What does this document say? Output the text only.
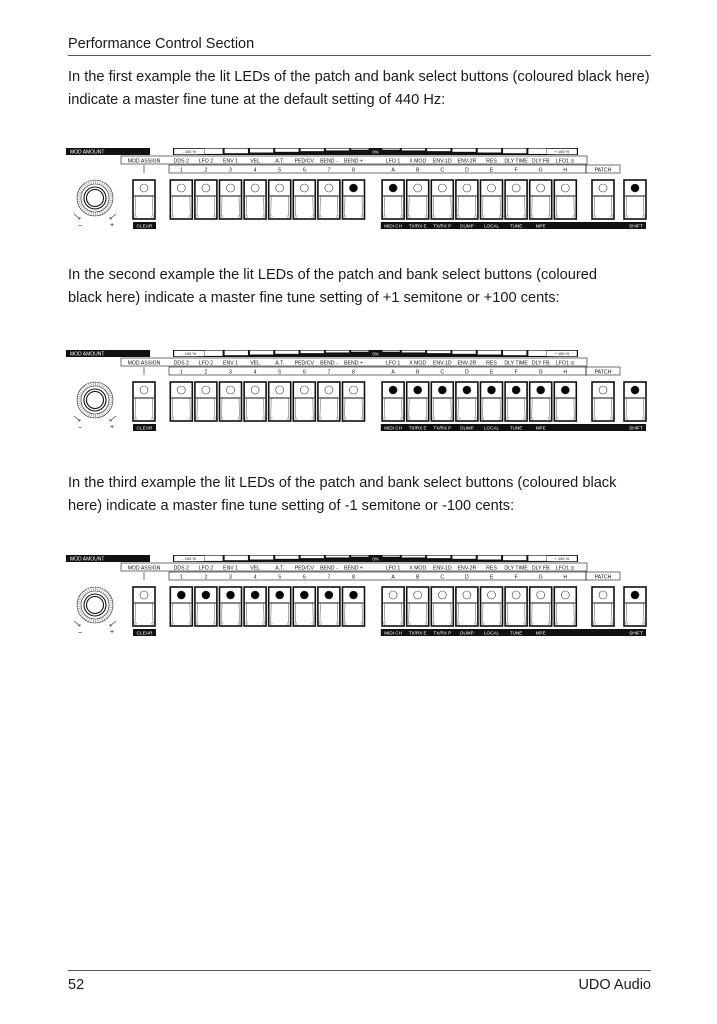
Performance Control Section

In the first example the lit LEDs of the patch and bank select buttons (coloured black here) indicate a master fine tune at the default setting of 440 Hz:

MOD AMOUNT	- 100 %	+ 100 %
0%
MOD ASSIGN	DDS 2 LFO 2 ENV 1 VEL	A.T. PED/CV BEND - BEND +	LFO 1 X MOD ENV-1D ENV-2R RES DLY TIME DLY FB LFO1 ⊙
1	2	3	4	5	6	7	8	A	B	C	D	E	F	G	H	PATCH
−	+	CLEAR	MIDI CH TX/RX E TX/RX P DUMP LOCAL TUNE	MPE	SHIFT

In the second example the lit LEDs of the patch and bank select buttons (coloured black here) indicate a master fine tune setting of +1 semitone or +100 cents:

MOD AMOUNT	- 100 %	+ 100 %
0%
MOD ASSIGN	DDS 2 LFO 2 ENV 1 VEL	A.T. PED/CV BEND - BEND +	LFO 1 X MOD ENV-1D ENV-2R RES DLY TIME DLY FB LFO1 ⊙
1	2	3	4	5	6	7	8	A	B	C	D	E	F	G	H	PATCH
−	+	CLEAR	MIDI CH TX/RX E TX/RX P DUMP LOCAL TUNE	MPE	SHIFT

In the third example the lit LEDs of the patch and bank select buttons (coloured black here) indicate a master fine tune setting of -1 semitone or -100 cents:

MOD AMOUNT	- 100 %	+ 100 %
0%
MOD ASSIGN	DDS 2 LFO 2 ENV 1 VEL	A.T. PED/CV BEND - BEND +	LFO 1 X MOD ENV-1D ENV-2R RES DLY TIME DLY FB LFO1 ⊙
1	2	3	4	5	6	7	8	A	B	C	D	E	F	G	H	PATCH
−	+	CLEAR	MIDI CH TX/RX E TX/RX P DUMP LOCAL TUNE	MPE	SHIFT
52	UDO Audio
